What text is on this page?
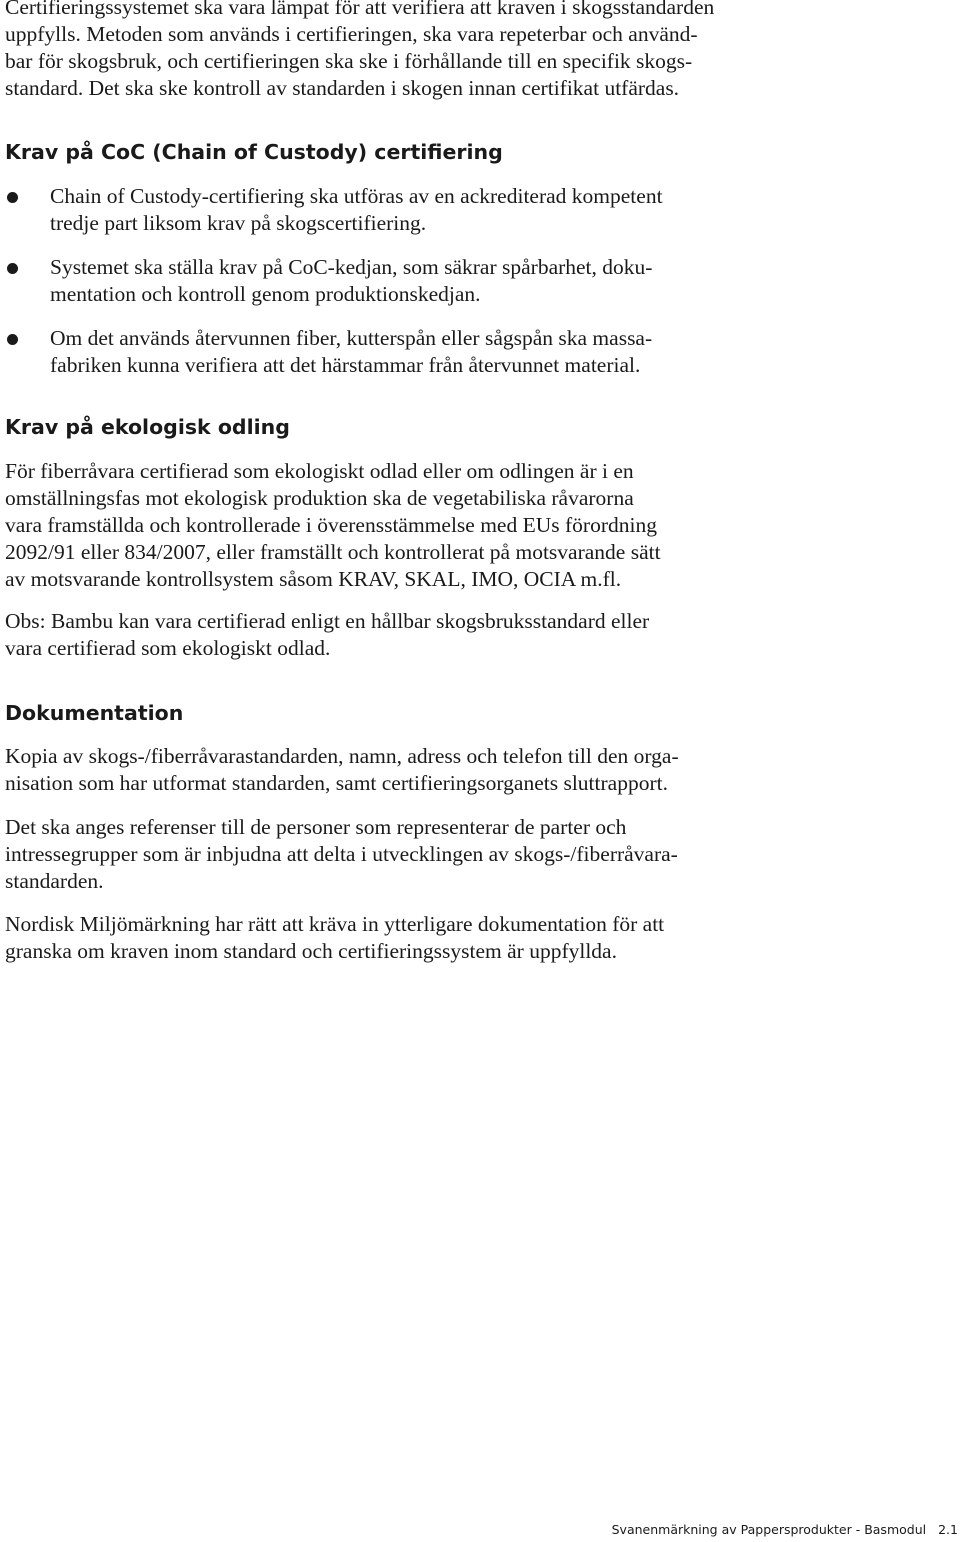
Certifieringssystemet ska vara lämpat för att verifiera att kraven i skogsstandarden
uppfylls. Metoden som används i certifieringen, ska vara repeterbar och använd-
bar för skogsbruk, och certifieringen ska ske i förhållande till en specifik skogs-
standard. Det ska ske kontroll av standarden i skogen innan certifikat utfärdas.

Krav på CoC (Chain of Custody) certifiering

Chain of Custody-certifiering ska utföras av en ackrediterad kompetent
tredje part liksom krav på skogscertifiering.

Systemet ska ställa krav på CoC-kedjan, som säkrar spårbarhet, doku-
mentation och kontroll genom produktionskedjan.

Om det används återvunnen fiber, kutterspån eller sågspån ska massa-
fabriken kunna verifiera att det härstammar från återvunnet material.

Krav på ekologisk odling

För fiberråvara certifierad som ekologiskt odlad eller om odlingen är i en
omställningsfas mot ekologisk produktion ska de vegetabiliska råvarorna
vara framställda och kontrollerade i överensstämmelse med EUs förordning
2092/91 eller 834/2007, eller framställt och kontrollerat på motsvarande sätt
av motsvarande kontrollsystem såsom KRAV, SKAL, IMO, OCIA m.fl.

Obs: Bambu kan vara certifierad enligt en hållbar skogsbruksstandard eller
vara certifierad som ekologiskt odlad.

Dokumentation

Kopia av skogs-/fiberråvarastandarden, namn, adress och telefon till den orga-
nisation som har utformat standarden, samt certifieringsorganets sluttrapport.

Det ska anges referenser till de personer som representerar de parter och
intressegrupper som är inbjudna att delta i utvecklingen av skogs-/fiberråvara-
standarden.

Nordisk Miljömärkning har rätt att kräva in ytterligare dokumentation för att
granska om kraven inom standard och certifieringssystem är uppfyllda.

Svanenmärkning av Pappersprodukter - Basmodul 2.1
